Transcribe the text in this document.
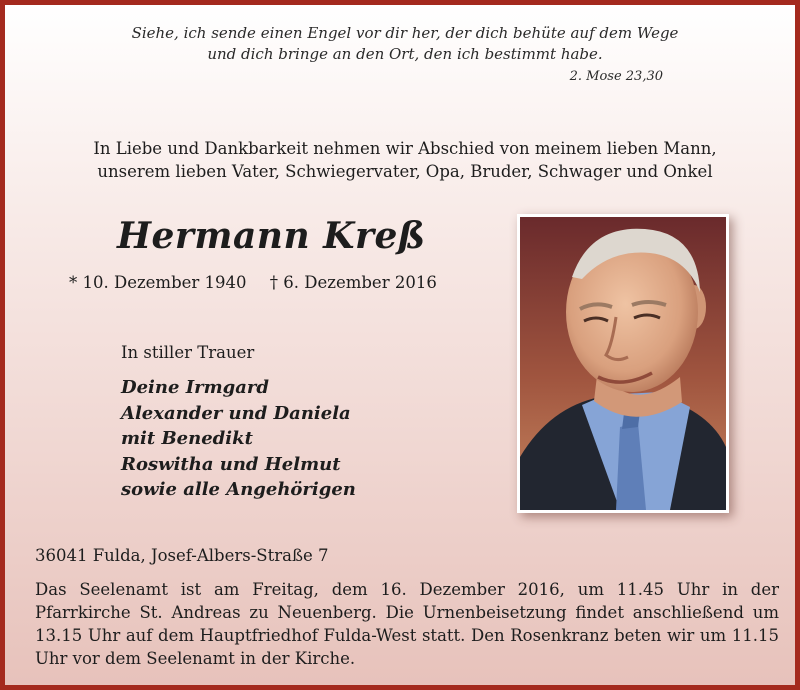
Siehe, ich sende einen Engel vor dir her, der dich behüte auf dem Wege
und dich bringe an den Ort, den ich bestimmt habe.
2. Mose 23,30
In Liebe und Dankbarkeit nehmen wir Abschied von meinem lieben Mann,
unserem lieben Vater, Schwiegervater, Opa, Bruder, Schwager und Onkel
Hermann Kreß
* 10. Dezember 1940 † 6. Dezember 2016
In stiller Trauer
Deine Irmgard
Alexander und Daniela
mit Benedikt
Roswitha und Helmut
sowie alle Angehörigen
36041 Fulda, Josef-Albers-Straße 7
Das Seelenamt ist am Freitag, dem 16. Dezember 2016, um 11.45 Uhr in der Pfarrkirche St. Andreas zu Neuenberg. Die Urnenbeisetzung findet anschließend um 13.15 Uhr auf dem Hauptfriedhof Fulda-West statt. Den Rosenkranz beten wir um 11.15 Uhr vor dem Seelenamt in der Kirche.
